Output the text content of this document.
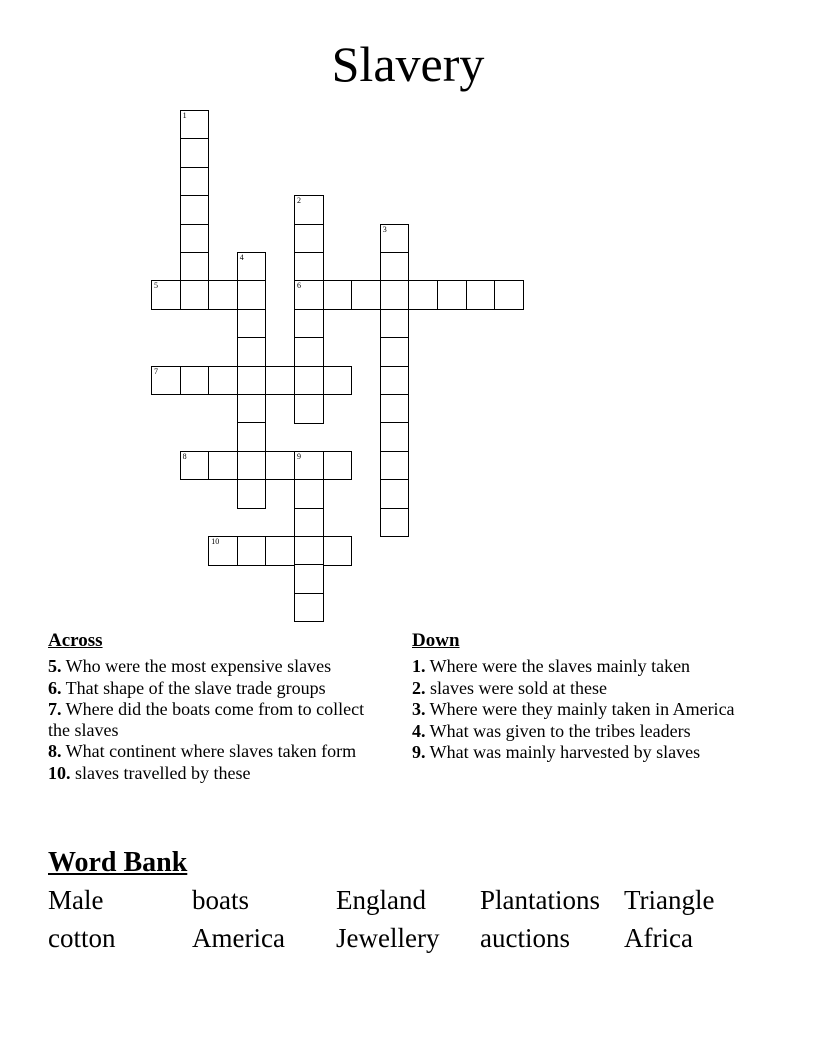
Slavery
1
2
6
3
4
5
7
8	9
10
Across
5. Who were the most expensive slaves
6. That shape of the slave trade groups
7. Where did the boats come from to collect the slaves
8. What continent where slaves taken form
10. slaves travelled by these
Down
1. Where were the slaves mainly taken
2. slaves were sold at these
3. Where were they mainly taken in America
4. What was given to the tribes leaders
9. What was mainly harvested by slaves
Word Bank
Male	boats	England Plantations Triangle
cotton	America Jewellery auctions Africa
